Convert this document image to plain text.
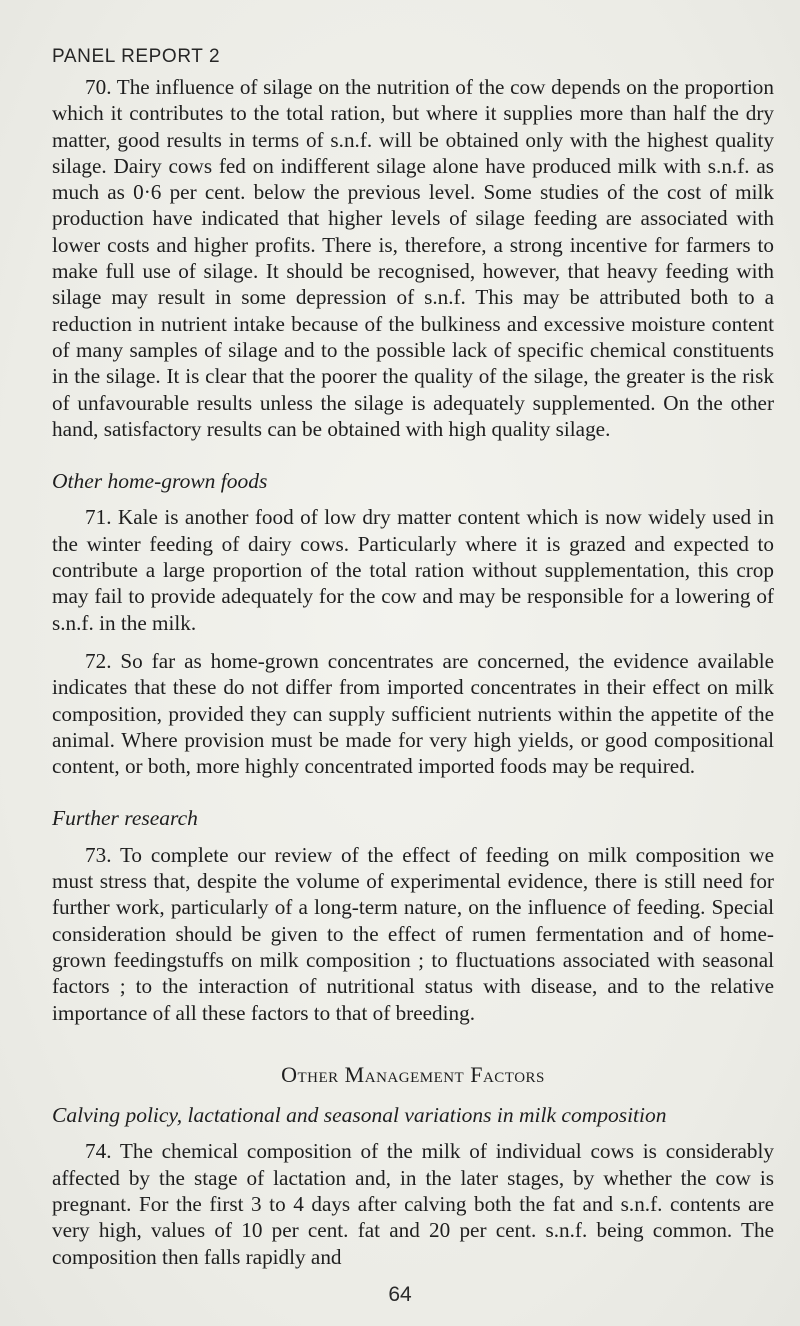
PANEL REPORT 2

70. The influence of silage on the nutrition of the cow depends on the proportion which it contributes to the total ration, but where it supplies more than half the dry matter, good results in terms of s.n.f. will be obtained only with the highest quality silage. Dairy cows fed on indifferent silage alone have produced milk with s.n.f. as much as 0·6 per cent. below the previous level. Some studies of the cost of milk production have indicated that higher levels of silage feeding are associated with lower costs and higher profits. There is, therefore, a strong incentive for farmers to make full use of silage. It should be recognised, however, that heavy feeding with silage may result in some depression of s.n.f. This may be attributed both to a reduction in nutrient intake because of the bulkiness and excessive moisture content of many samples of silage and to the possible lack of specific chemical constituents in the silage. It is clear that the poorer the quality of the silage, the greater is the risk of unfavourable results unless the silage is adequately supplemented. On the other hand, satisfactory results can be obtained with high quality silage.

Other home-grown foods

71. Kale is another food of low dry matter content which is now widely used in the winter feeding of dairy cows. Particularly where it is grazed and expected to contribute a large proportion of the total ration without supplementation, this crop may fail to provide adequately for the cow and may be responsible for a lowering of s.n.f. in the milk.

72. So far as home-grown concentrates are concerned, the evidence available indicates that these do not differ from imported concentrates in their effect on milk composition, provided they can supply sufficient nutrients within the appetite of the animal. Where provision must be made for very high yields, or good compositional content, or both, more highly concentrated imported foods may be required.

Further research

73. To complete our review of the effect of feeding on milk composition we must stress that, despite the volume of experimental evidence, there is still need for further work, particularly of a long-term nature, on the influence of feeding. Special consideration should be given to the effect of rumen fermentation and of home-grown feedingstuffs on milk composition ; to fluctuations associated with seasonal factors ; to the interaction of nutritional status with disease, and to the relative importance of all these factors to that of breeding.

Other Management Factors
Calving policy, lactational and seasonal variations in milk composition

74. The chemical composition of the milk of individual cows is considerably affected by the stage of lactation and, in the later stages, by whether the cow is pregnant. For the first 3 to 4 days after calving both the fat and s.n.f. contents are very high, values of 10 per cent. fat and 20 per cent. s.n.f. being common. The composition then falls rapidly and

64
